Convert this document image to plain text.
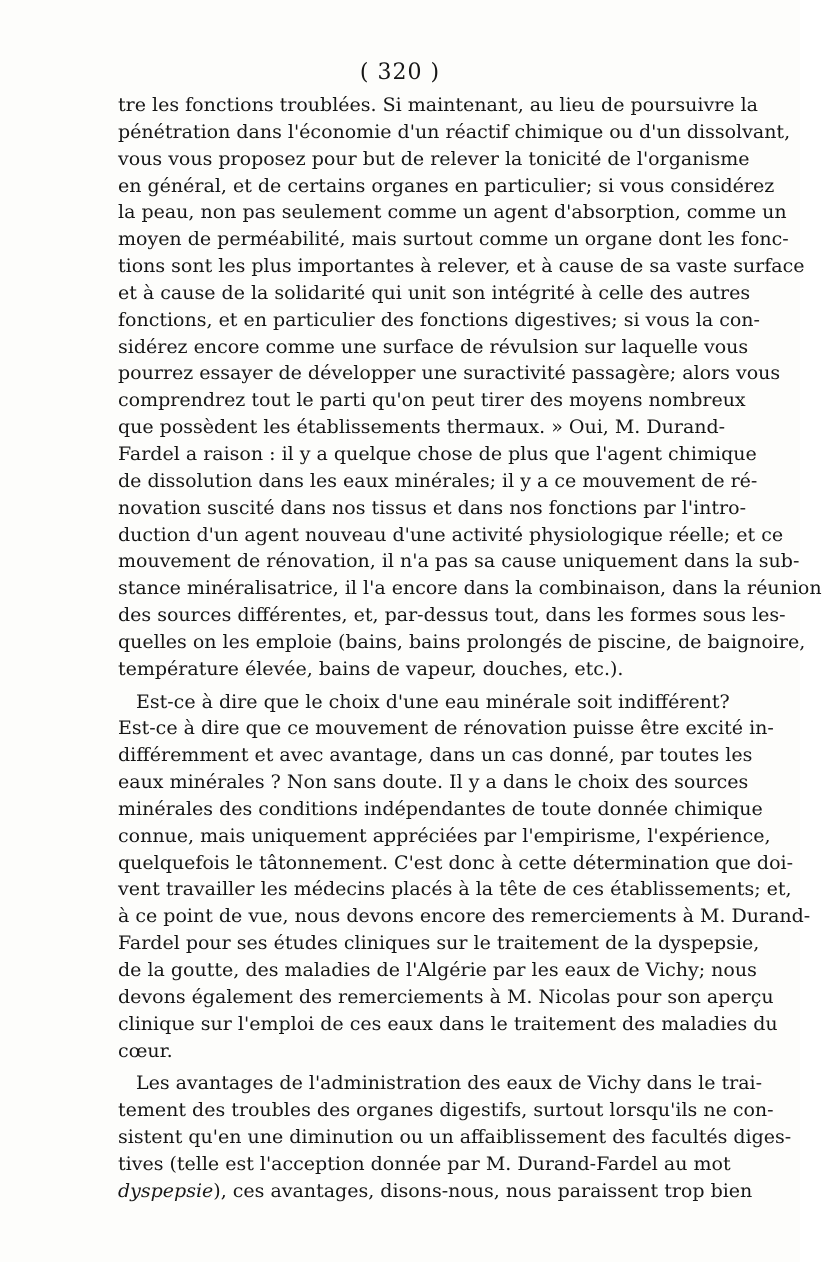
( 320 )
tre les fonctions troublées. Si maintenant, au lieu de poursuivre la
pénétration dans l'économie d'un réactif chimique ou d'un dissolvant,
vous vous proposez pour but de relever la tonicité de l'organisme
en général, et de certains organes en particulier; si vous considérez
la peau, non pas seulement comme un agent d'absorption, comme un
moyen de perméabilité, mais surtout comme un organe dont les fonc-
tions sont les plus importantes à relever, et à cause de sa vaste surface
et à cause de la solidarité qui unit son intégrité à celle des autres
fonctions, et en particulier des fonctions digestives; si vous la con-
sidérez encore comme une surface de révulsion sur laquelle vous
pourrez essayer de développer une suractivité passagère; alors vous
comprendrez tout le parti qu'on peut tirer des moyens nombreux
que possèdent les établissements thermaux. » Oui, M. Durand-
Fardel a raison : il y a quelque chose de plus que l'agent chimique
de dissolution dans les eaux minérales; il y a ce mouvement de ré-
novation suscité dans nos tissus et dans nos fonctions par l'intro-
duction d'un agent nouveau d'une activité physiologique réelle; et ce
mouvement de rénovation, il n'a pas sa cause uniquement dans la sub-
stance minéralisatrice, il l'a encore dans la combinaison, dans la réunion
des sources différentes, et, par-dessus tout, dans les formes sous les-
quelles on les emploie (bains, bains prolongés de piscine, de baignoire,
température élevée, bains de vapeur, douches, etc.).
Est-ce à dire que le choix d'une eau minérale soit indifférent?
Est-ce à dire que ce mouvement de rénovation puisse être excité in-
différemment et avec avantage, dans un cas donné, par toutes les
eaux minérales ? Non sans doute. Il y a dans le choix des sources
minérales des conditions indépendantes de toute donnée chimique
connue, mais uniquement appréciées par l'empirisme, l'expérience,
quelquefois le tâtonnement. C'est donc à cette détermination que doi-
vent travailler les médecins placés à la tête de ces établissements; et,
à ce point de vue, nous devons encore des remerciements à M. Durand-
Fardel pour ses études cliniques sur le traitement de la dyspepsie,
de la goutte, des maladies de l'Algérie par les eaux de Vichy; nous
devons également des remerciements à M. Nicolas pour son aperçu
clinique sur l'emploi de ces eaux dans le traitement des maladies du
cœur.
Les avantages de l'administration des eaux de Vichy dans le trai-
tement des troubles des organes digestifs, surtout lorsqu'ils ne con-
sistent qu'en une diminution ou un affaiblissement des facultés diges-
tives (telle est l'acception donnée par M. Durand-Fardel au mot
dyspepsie), ces avantages, disons-nous, nous paraissent trop bien
